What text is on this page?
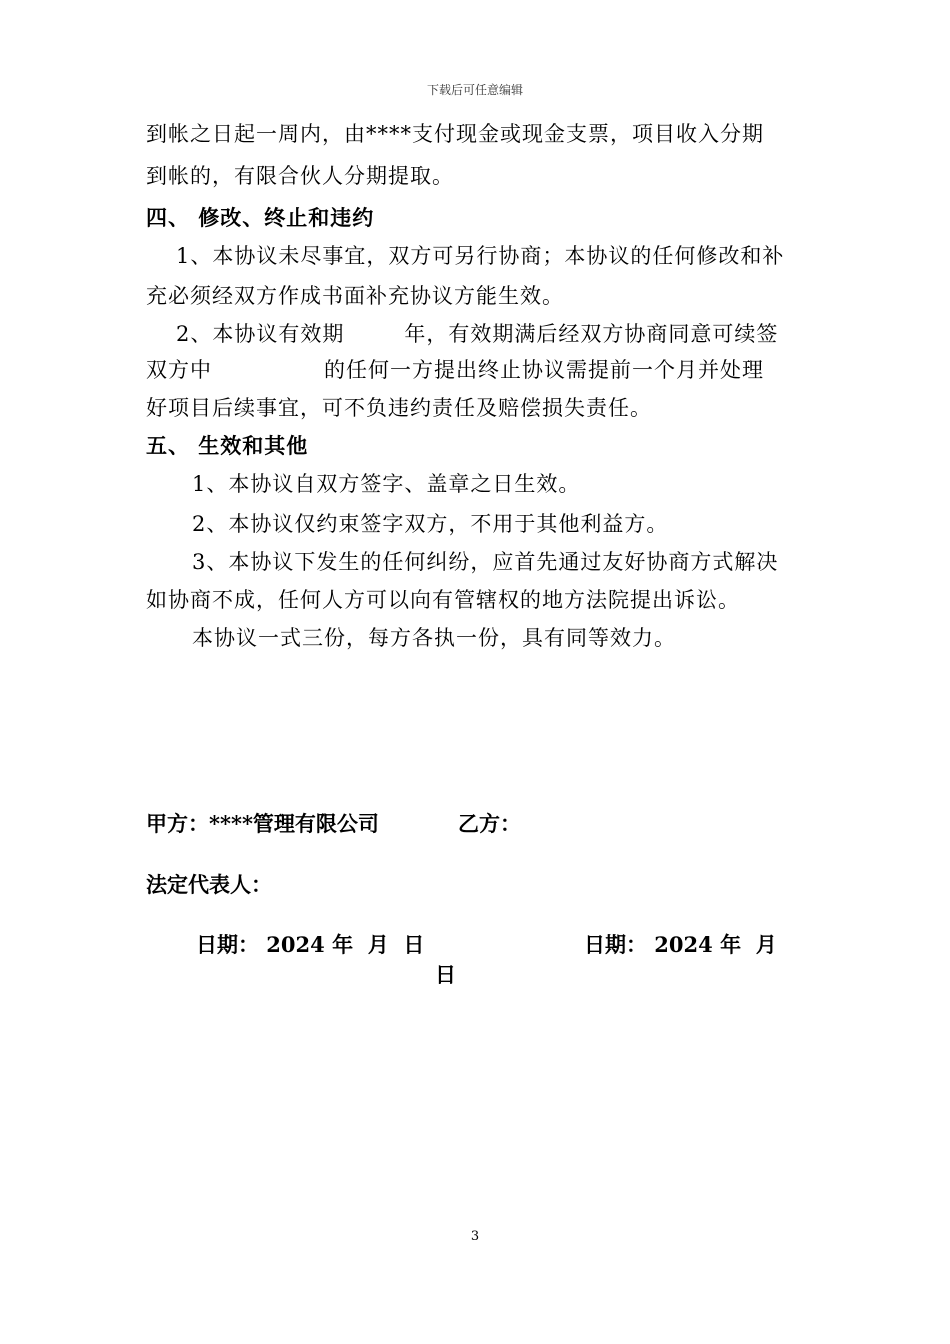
下载后可任意编辑
到帐之日起一周内，由****支付现金或现金支票，项目收入分期
到帐的，有限合伙人分期提取。
四、 修改、终止和违约
1、本协议未尽事宜，双方可另行协商；本协议的任何修改和补
充必须经双方作成书面补充协议方能生效。
2、本协议有效期	年，有效期满后经双方协商同意可续签
双方中	的任何一方提出终止协议需提前一个月并处理
好项目后续事宜，可不负违约责任及赔偿损失责任。
五、 生效和其他
1、本协议自双方签字、盖章之日生效。
2、本协议仅约束签字双方，不用于其他利益方。
3、本协议下发生的任何纠纷，应首先通过友好协商方式解决
如协商不成，任何人方可以向有管辖权的地方法院提出诉讼。
本协议一式三份，每方各执一份，具有同等效力。
甲方：****管理有限公司	乙方：
法定代表人：
日期： 2024 年  月  日	日期： 2024 年  月
日
3
